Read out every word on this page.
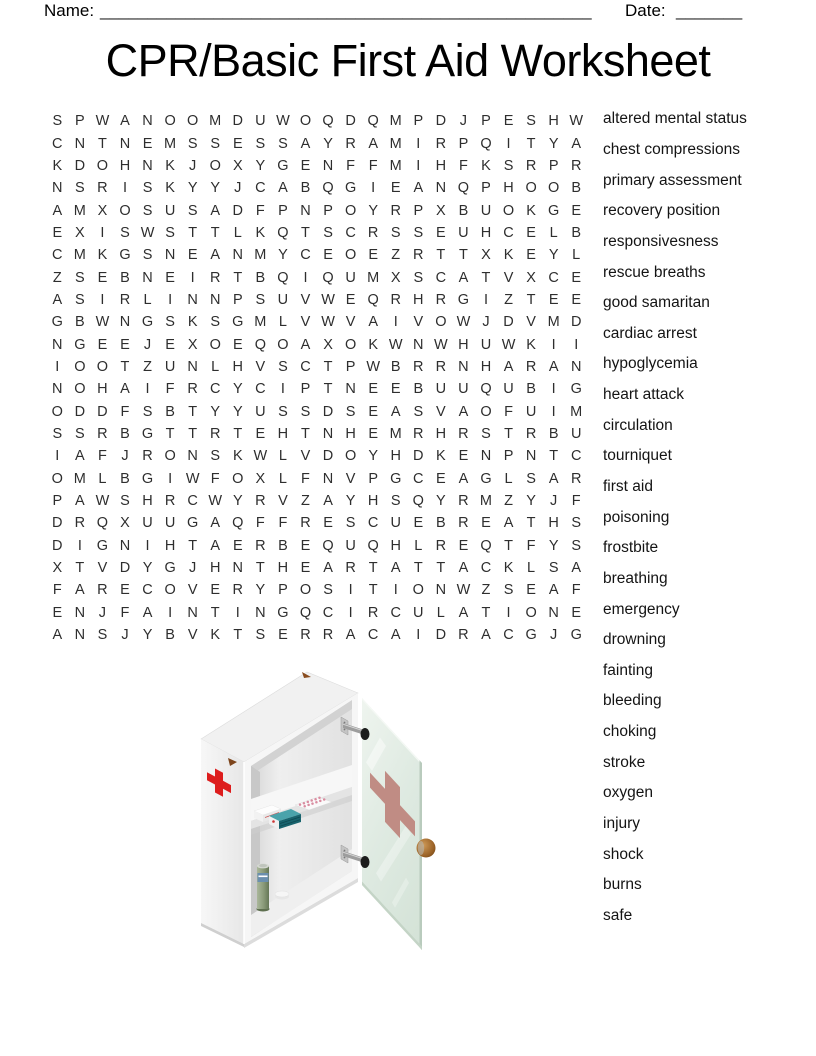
Name: ____________________________________________________ Date: _______
CPR/Basic First Aid Worksheet
S P W A N O O M D U W O Q D Q M P D J P E S H W
C N T N E M S S E S S A Y R A M	I	R P Q	I	T Y A
K D O H N K J O X Y G E N F F M	I	H F K S R P R
N S R	I	S K Y Y J C A B Q G	I	E A N Q P H O O B
A M X O S U S A D F P N P O Y R P X B U O K G E
E X	I	S W S T T L K Q T S C R S S E U H C E L B
C M K G S N E A N M Y C E O E Z R T T X K E Y L
Z S E B N E	I	R T B Q	I	Q U M X S C A T V X C E
A S	I	R L	I	N N P S U V W E Q R H R G	I	Z T E E
G B W N G S K S G M L V W V A	I	V O W J D V M D
N G E E J E X O E Q O A X O K W N W H U W K	I	I
I	O O T Z U N L H V S C T P W B R R N H A R A N
N O H A	I	F R C Y C	I	P T N E E B U U Q U B	I	G
O D D F S B T Y Y U S S D S E A S V A O F U	I	M
S S R B G T T R T E H T N H E M R H R S T R B U
I	A F	J R O N S K W L V D O Y H D K E N P N T C
O M L B G	I W F O X L F N V P G C E A G L S A R
P A W S H R C W Y R V Z A Y H S Q Y R M Z Y J	F
D R Q X U U G A Q F F R E S C U E B R E A T H S
D	I	G N	I	H T A E R B E Q U Q H L R E Q T F Y S
X T V D Y G J H N T H E A R T A T T A C K L S A
F A R E C O V E R Y P O S	I	T	I	O N W Z S E A F
E N J	F A	I	N T	I	N G Q C	I	R C U L A T	I	O N E
A N S J Y B V K T S E R R A C A	I	D R A C G J G
altered mental status
chest compressions
primary assessment
recovery position
responsivesness
rescue breaths
good samaritan
cardiac arrest
hypoglycemia
heart attack
circulation
tourniquet
first aid
poisoning
frostbite
breathing
emergency
drowning
fainting
bleeding
choking
stroke
oxygen
injury
shock
burns
safe
